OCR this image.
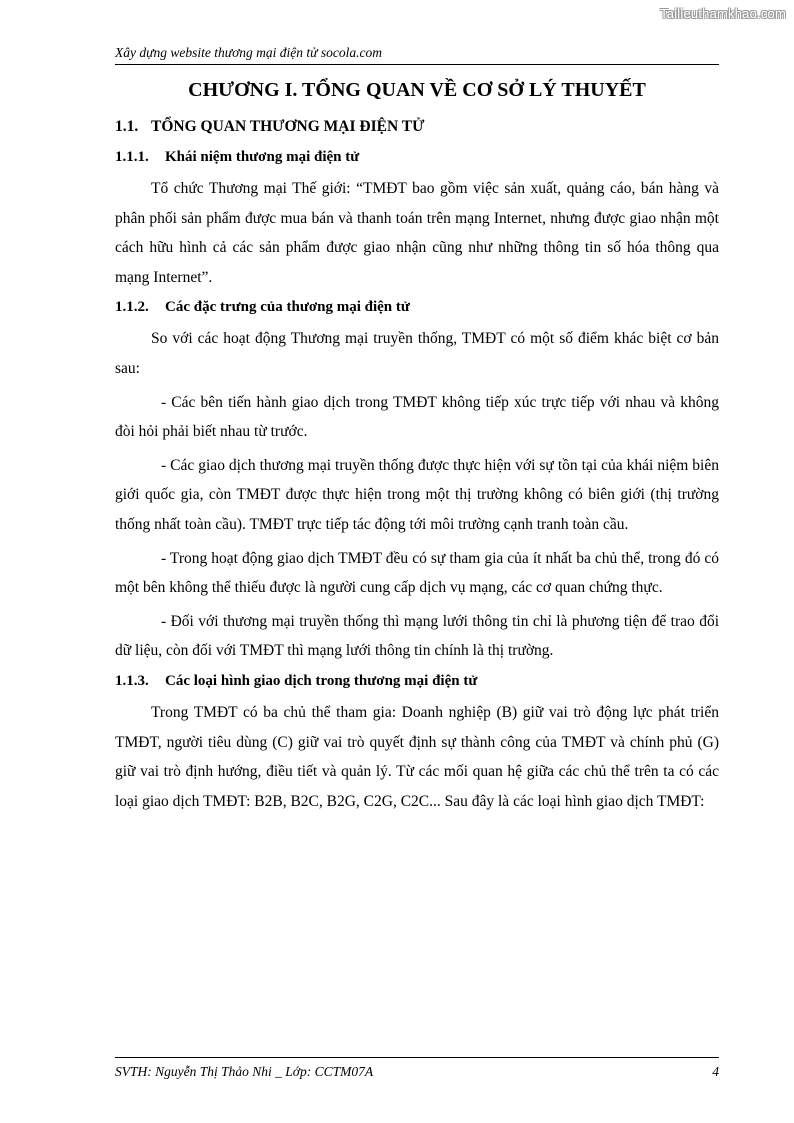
Tailieuthamkhao.com
Xây dựng website thương mại điện tử socola.com
CHƯƠNG I. TỔNG QUAN VỀ CƠ SỞ LÝ THUYẾT
1.1. TỔNG QUAN THƯƠNG MẠI ĐIỆN TỬ
1.1.1. Khái niệm thương mại điện tử

Tổ chức Thương mại Thế giới: “TMĐT bao gồm việc sản xuất, quảng cáo, bán hàng và phân phối sản phẩm được mua bán và thanh toán trên mạng Internet, nhưng được giao nhận một cách hữu hình cả các sản phẩm được giao nhận cũng như những thông tin số hóa thông qua mạng Internet”.

1.1.2. Các đặc trưng của thương mại điện tử

So với các hoạt động Thương mại truyền thống, TMĐT có một số điểm khác biệt cơ bản sau:

- Các bên tiến hành giao dịch trong TMĐT không tiếp xúc trực tiếp với nhau và không đòi hỏi phải biết nhau từ trước.

- Các giao dịch thương mại truyền thống được thực hiện với sự tồn tại của khái niệm biên giới quốc gia, còn TMĐT được thực hiện trong một thị trường không có biên giới (thị trường thống nhất toàn cầu). TMĐT trực tiếp tác động tới môi trường cạnh tranh toàn cầu.

- Trong hoạt động giao dịch TMĐT đều có sự tham gia của ít nhất ba chủ thể, trong đó có một bên không thể thiếu được là người cung cấp dịch vụ mạng, các cơ quan chứng thực.

- Đối với thương mại truyền thống thì mạng lưới thông tin chỉ là phương tiện để trao đổi dữ liệu, còn đối với TMĐT thì mạng lưới thông tin chính là thị trường.

1.1.3. Các loại hình giao dịch trong thương mại điện tử

Trong TMĐT có ba chủ thể tham gia: Doanh nghiệp (B) giữ vai trò động lực phát triển TMĐT, người tiêu dùng (C) giữ vai trò quyết định sự thành công của TMĐT và chính phủ (G) giữ vai trò định hướng, điều tiết và quản lý. Từ các mối quan hệ giữa các chủ thể trên ta có các loại giao dịch TMĐT: B2B, B2C, B2G, C2G, C2C... Sau đây là các loại hình giao dịch TMĐT:

SVTH: Nguyễn Thị Thảo Nhi _ Lớp: CCTM07A	4
